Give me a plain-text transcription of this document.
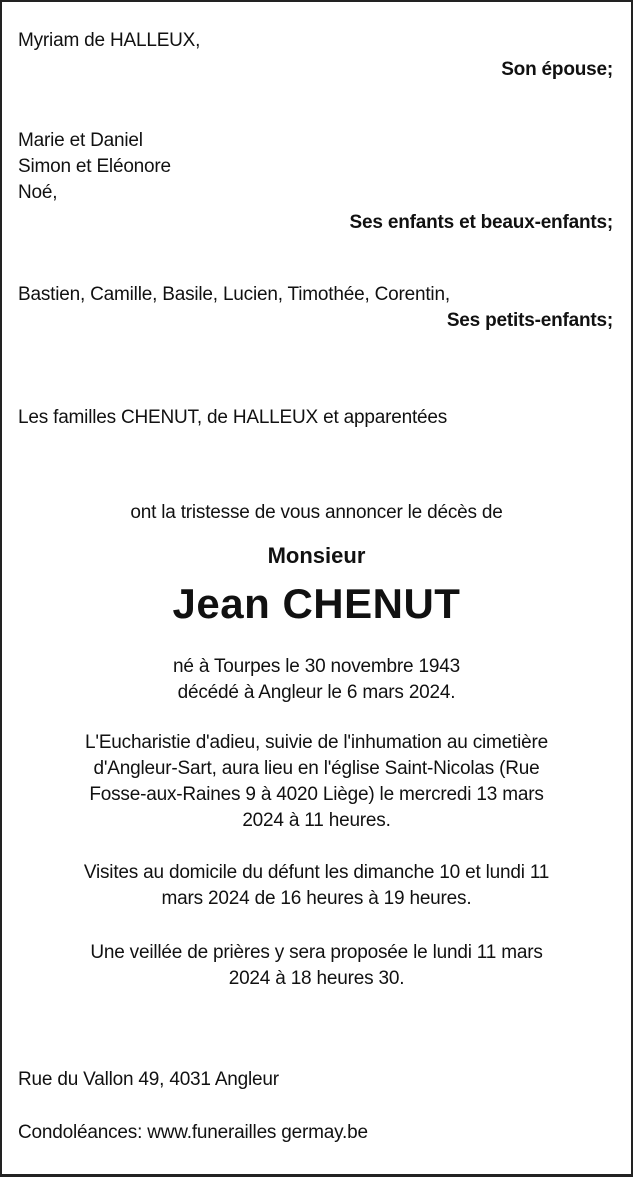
Myriam de HALLEUX,
Son épouse;
Marie et Daniel
Simon et Eléonore
Noé,
Ses enfants et beaux-enfants;
Bastien, Camille, Basile, Lucien, Timothée, Corentin,
Ses petits-enfants;
Les familles CHENUT, de HALLEUX et apparentées
ont la tristesse de vous annoncer le décès de
Monsieur
Jean CHENUT
né à Tourpes le 30 novembre 1943
décédé à Angleur le 6 mars 2024.
L'Eucharistie d'adieu, suivie de l'inhumation au cimetière
d'Angleur-Sart, aura lieu en l'église Saint-Nicolas (Rue
Fosse-aux-Raines 9 à 4020 Liège) le mercredi 13 mars
2024 à 11 heures.
Visites au domicile du défunt les dimanche 10 et lundi 11
mars 2024 de 16 heures à 19 heures.
Une veillée de prières y sera proposée le lundi 11 mars
2024 à 18 heures 30.
Rue du Vallon 49, 4031 Angleur
Condoléances: www.funerailles germay.be
